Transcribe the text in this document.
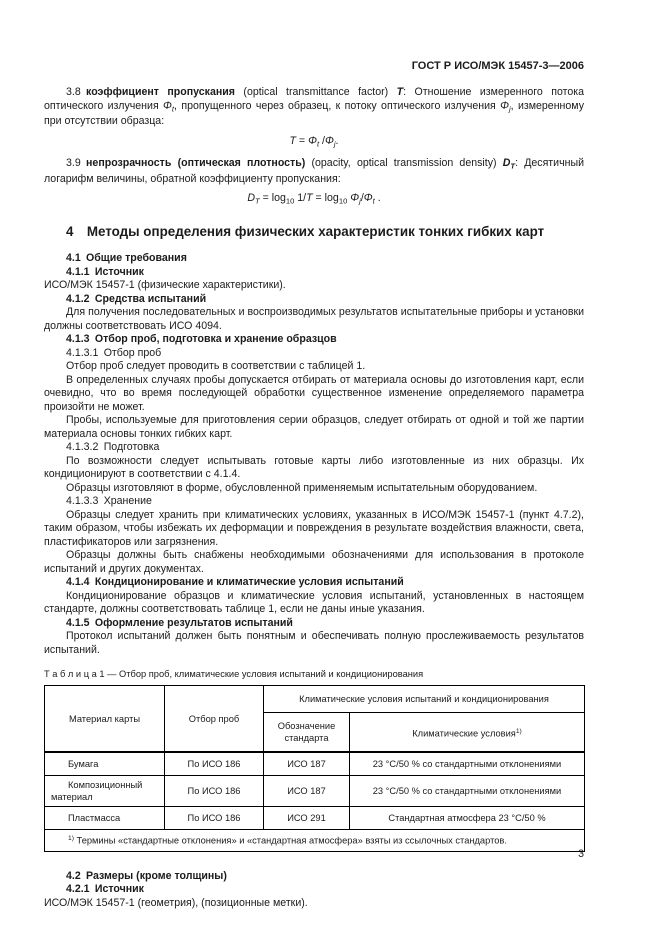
ГОСТ Р ИСО/МЭК 15457-3—2006

3.8 коэффициент пропускания (optical transmittance factor) T: Отношение измеренного потока оптического излучения $\Phi_t$, пропущенного через образец, к потоку оптического излучения $\Phi_j$, измеренному при отсутствии образца:

$T = \Phi_t$ $/\Phi_j$.

3.9 непрозрачность (оптическая плотность) (opacity, optical transmission density) $D_T$: Десятичный логарифм величины, обратной коэффициенту пропускания:

$D_T = \log_{10} 1/T = \log_{10} \Phi_j/\Phi_t$ .
4 Методы определения физических характеристик тонких гибких карт
4.1 Общие требования
4.1.1 Источник

ИСО/МЭК 15457-1 (физические характеристики).

4.1.2 Средства испытаний

Для получения последовательных и воспроизводимых результатов испытательные приборы и установки должны соответствовать ИСО 4094.

4.1.3 Отбор проб, подготовка и хранение образцов
4.1.3.1 Отбор проб

Отбор проб следует проводить в соответствии с таблицей 1.

В определенных случаях пробы допускается отбирать от материала основы до изготовления карт, если очевидно, что во время последующей обработки существенное изменение определяемого параметра произойти не может.

Пробы, используемые для приготовления серии образцов, следует отбирать от одной и той же партии материала основы тонких гибких карт.

4.1.3.2 Подготовка

По возможности следует испытывать готовые карты либо изготовленные из них образцы. Их кондиционируют в соответствии с 4.1.4.

Образцы изготовляют в форме, обусловленной применяемым испытательным оборудованием.

4.1.3.3 Хранение

Образцы следует хранить при климатических условиях, указанных в ИСО/МЭК 15457-1 (пункт 4.7.2), таким образом, чтобы избежать их деформации и повреждения в результате воздействия влажности, света, пластификаторов или загрязнения.

Образцы должны быть снабжены необходимыми обозначениями для использования в протоколе испытаний и других документах.

4.1.4 Кондиционирование и климатические условия испытаний

Кондиционирование образцов и климатические условия испытаний, установленных в настоящем стандарте, должны соответствовать таблице 1, если не даны иные указания.

4.1.5 Оформление результатов испытаний

Протокол испытаний должен быть понятным и обеспечивать полную прослеживаемость результатов испытаний.

Т а б л и ц а 1 — Отбор проб, климатические условия испытаний и кондиционирования
Материал карты	Отбор проб	Климатические условия испытаний и кондиционирования	
		Обозначение стандарта	Климатические условия$^{1)}$
Бумага	По ИСО 186	ИСО 187	23 °С/50 % со стандартными отклонениями
Композиционный материал	По ИСО 186	ИСО 187	23 °С/50 % со стандартными отклонениями
Пластмасса	По ИСО 186	ИСО 291	Стандартная атмосфера 23 °С/50 %
$^{1)}$ Термины «стандартные отклонения» и «стандартная атмосфера» взяты из ссылочных стандартов.			
4.2 Размеры (кроме толщины)
4.2.1 Источник

ИСО/МЭК 15457-1 (геометрия), (позиционные метки).

3
